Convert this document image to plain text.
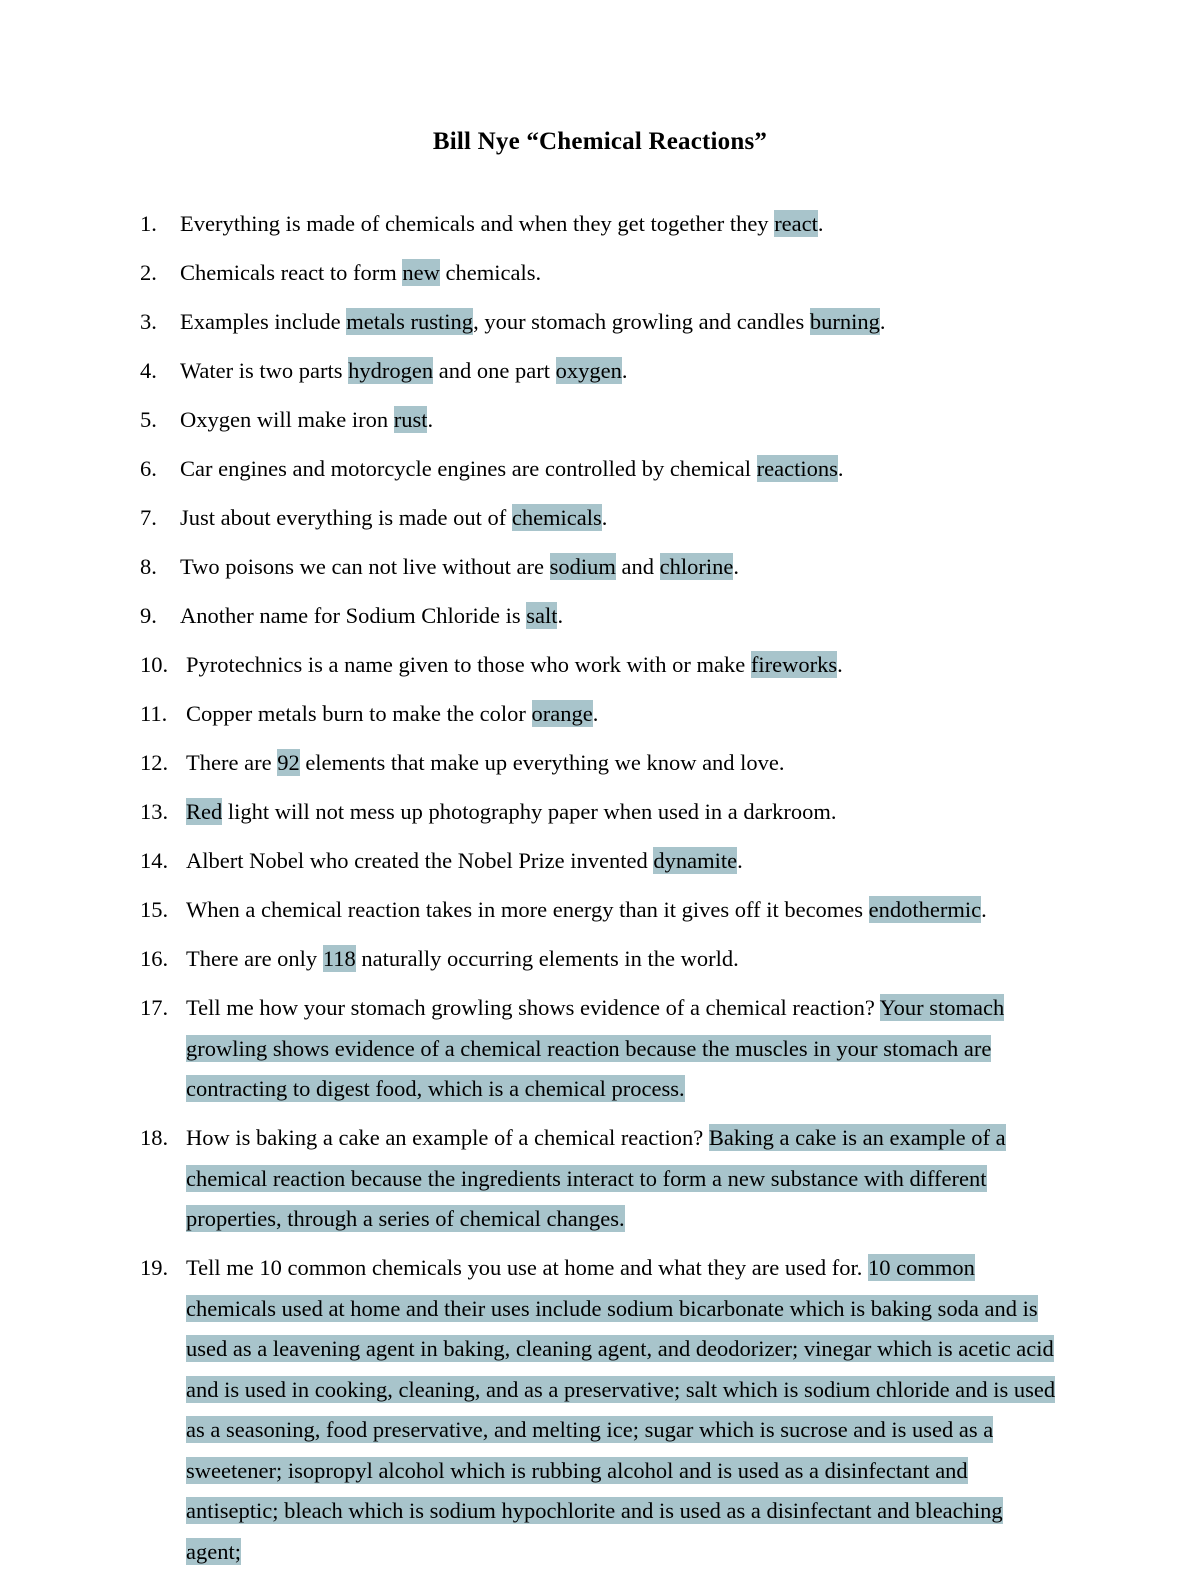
Bill Nye “Chemical Reactions”
1.	Everything is made of chemicals and when they get together they react.
2.	Chemicals react to form new chemicals.
3.	Examples include metals rusting, your stomach growling and candles burning.
4.	Water is two parts hydrogen and one part oxygen.
5.	Oxygen will make iron rust.
6.	Car engines and motorcycle engines are controlled by chemical reactions.
7.	Just about everything is made out of chemicals.
8.	Two poisons we can not live without are sodium and chlorine.
9.	Another name for Sodium Chloride is salt.
10. Pyrotechnics is a name given to those who work with or make fireworks.
11. Copper metals burn to make the color orange.
12. There are 92 elements that make up everything we know and love.
13. Red light will not mess up photography paper when used in a darkroom.
14. Albert Nobel who created the Nobel Prize invented dynamite.
15. When a chemical reaction takes in more energy than it gives off it becomes endothermic.
16. There are only 118 naturally occurring elements in the world.
17. Tell me how your stomach growling shows evidence of a chemical reaction? Your stomach growling shows evidence of a chemical reaction because the muscles in your stomach are contracting to digest food, which is a chemical process.
18. How is baking a cake an example of a chemical reaction? Baking a cake is an example of a chemical reaction because the ingredients interact to form a new substance with different properties, through a series of chemical changes.
19. Tell me 10 common chemicals you use at home and what they are used for. 10 common chemicals used at home and their uses include sodium bicarbonate which is baking soda and is used as a leavening agent in baking, cleaning agent, and deodorizer; vinegar which is acetic acid and is used in cooking, cleaning, and as a preservative; salt which is sodium chloride and is used as a seasoning, food preservative, and melting ice; sugar which is sucrose and is used as a sweetener; isopropyl alcohol which is rubbing alcohol and is used as a disinfectant and antiseptic; bleach which is sodium hypochlorite and is used as a disinfectant and bleaching agent;
